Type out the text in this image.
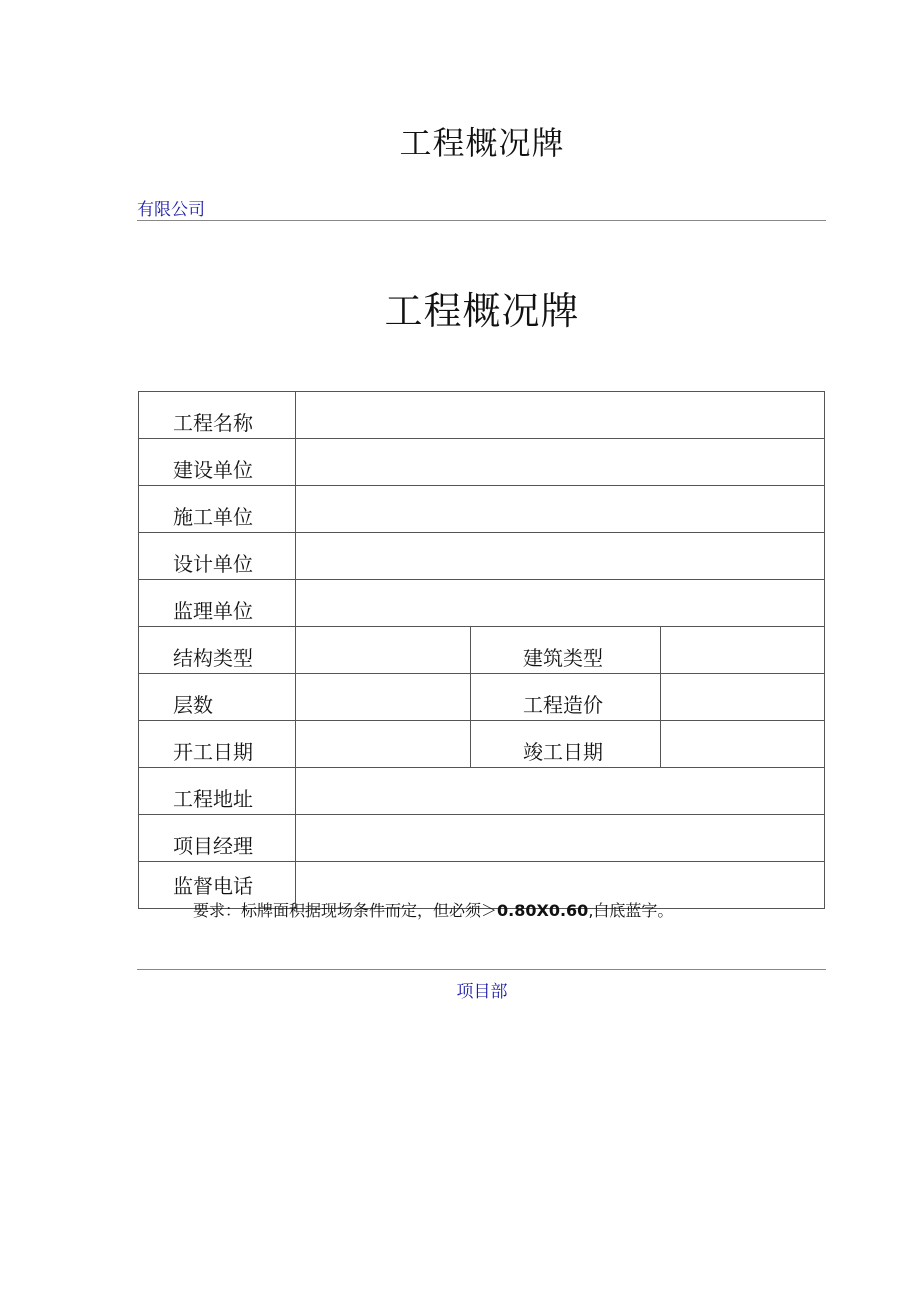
工程概况牌
有限公司
工程概况牌
工程名称			
建设单位			
施工单位			
设计单位			
监理单位			
结构类型		建筑类型	
层数		工程造价	
开工日期		竣工日期	
工程地址			
项目经理			
监督电话			
要求：标牌面积据现场条件而定，但必须＞0.80X0.60,白底蓝字。
项目部
